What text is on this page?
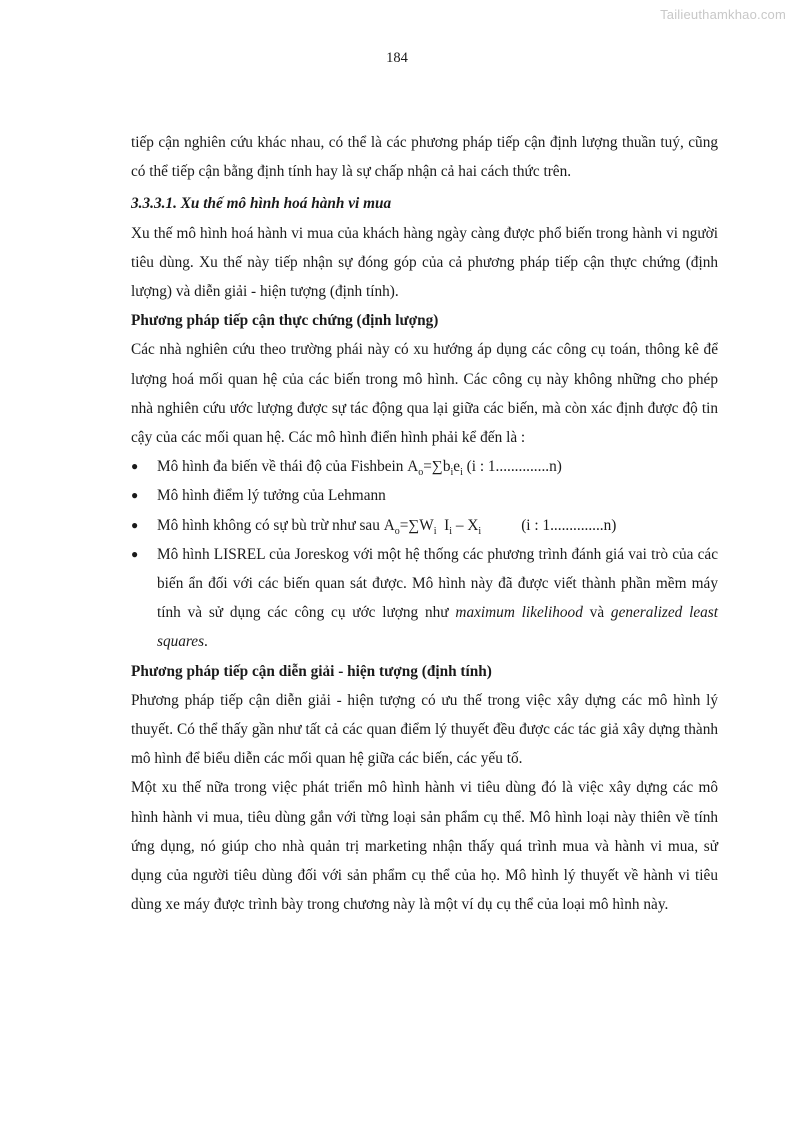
Tailieuthamkhao.com
184

tiếp cận nghiên cứu khác nhau, có thể là các phương pháp tiếp cận định lượng thuần tuý, cũng có thể tiếp cận bằng định tính hay là sự chấp nhận cả hai cách thức trên.

3.3.3.1. Xu thế mô hình hoá hành vi mua

Xu thế mô hình hoá hành vi mua của khách hàng ngày càng được phổ biến trong hành vi người tiêu dùng. Xu thế này tiếp nhận sự đóng góp của cả phương pháp tiếp cận thực chứng (định lượng) và diễn giải - hiện tượng (định tính).

Phương pháp tiếp cận thực chứng (định lượng)

Các nhà nghiên cứu theo trường phái này có xu hướng áp dụng các công cụ toán, thông kê để lượng hoá mối quan hệ của các biến trong mô hình. Các công cụ này không những cho phép nhà nghiên cứu ước lượng được sự tác động qua lại giữa các biến, mà còn xác định được độ tin cậy của các mối quan hệ. Các mô hình điển hình phải kể đến là :

● Mô hình đa biến về thái độ của Fishbein $A_o=\sum b_ie_i$ (i : 1..............n)
● Mô hình điểm lý tưởng của Lehmann
● Mô hình không có sự bù trừ như sau $A_o=\sum W_i$  $I_i - X_i$	(i : 1..............n)
● Mô hình LISREL của Joreskog với một hệ thống các phương trình đánh giá vai trò của các biến ẩn đối với các biến quan sát được. Mô hình này đã được viết thành phần mềm máy tính và sử dụng các công cụ ước lượng như maximum likelihood và generalized least squares.

Phương pháp tiếp cận diễn giải - hiện tượng (định tính)

Phương pháp tiếp cận diễn giải - hiện tượng có ưu thế trong việc xây dựng các mô hình lý thuyết. Có thể thấy gần như tất cả các quan điểm lý thuyết đều được các tác giả xây dựng thành mô hình để biểu diễn các mối quan hệ giữa các biến, các yếu tố.

Một xu thế nữa trong việc phát triển mô hình hành vi tiêu dùng đó là việc xây dựng các mô hình hành vi mua, tiêu dùng gắn với từng loại sản phẩm cụ thể. Mô hình loại này thiên về tính ứng dụng, nó giúp cho nhà quản trị marketing nhận thấy quá trình mua và hành vi mua, sử dụng của người tiêu dùng đối với sản phẩm cụ thể của họ. Mô hình lý thuyết về hành vi tiêu dùng xe máy được trình bày trong chương này là một ví dụ cụ thể của loại mô hình này.
